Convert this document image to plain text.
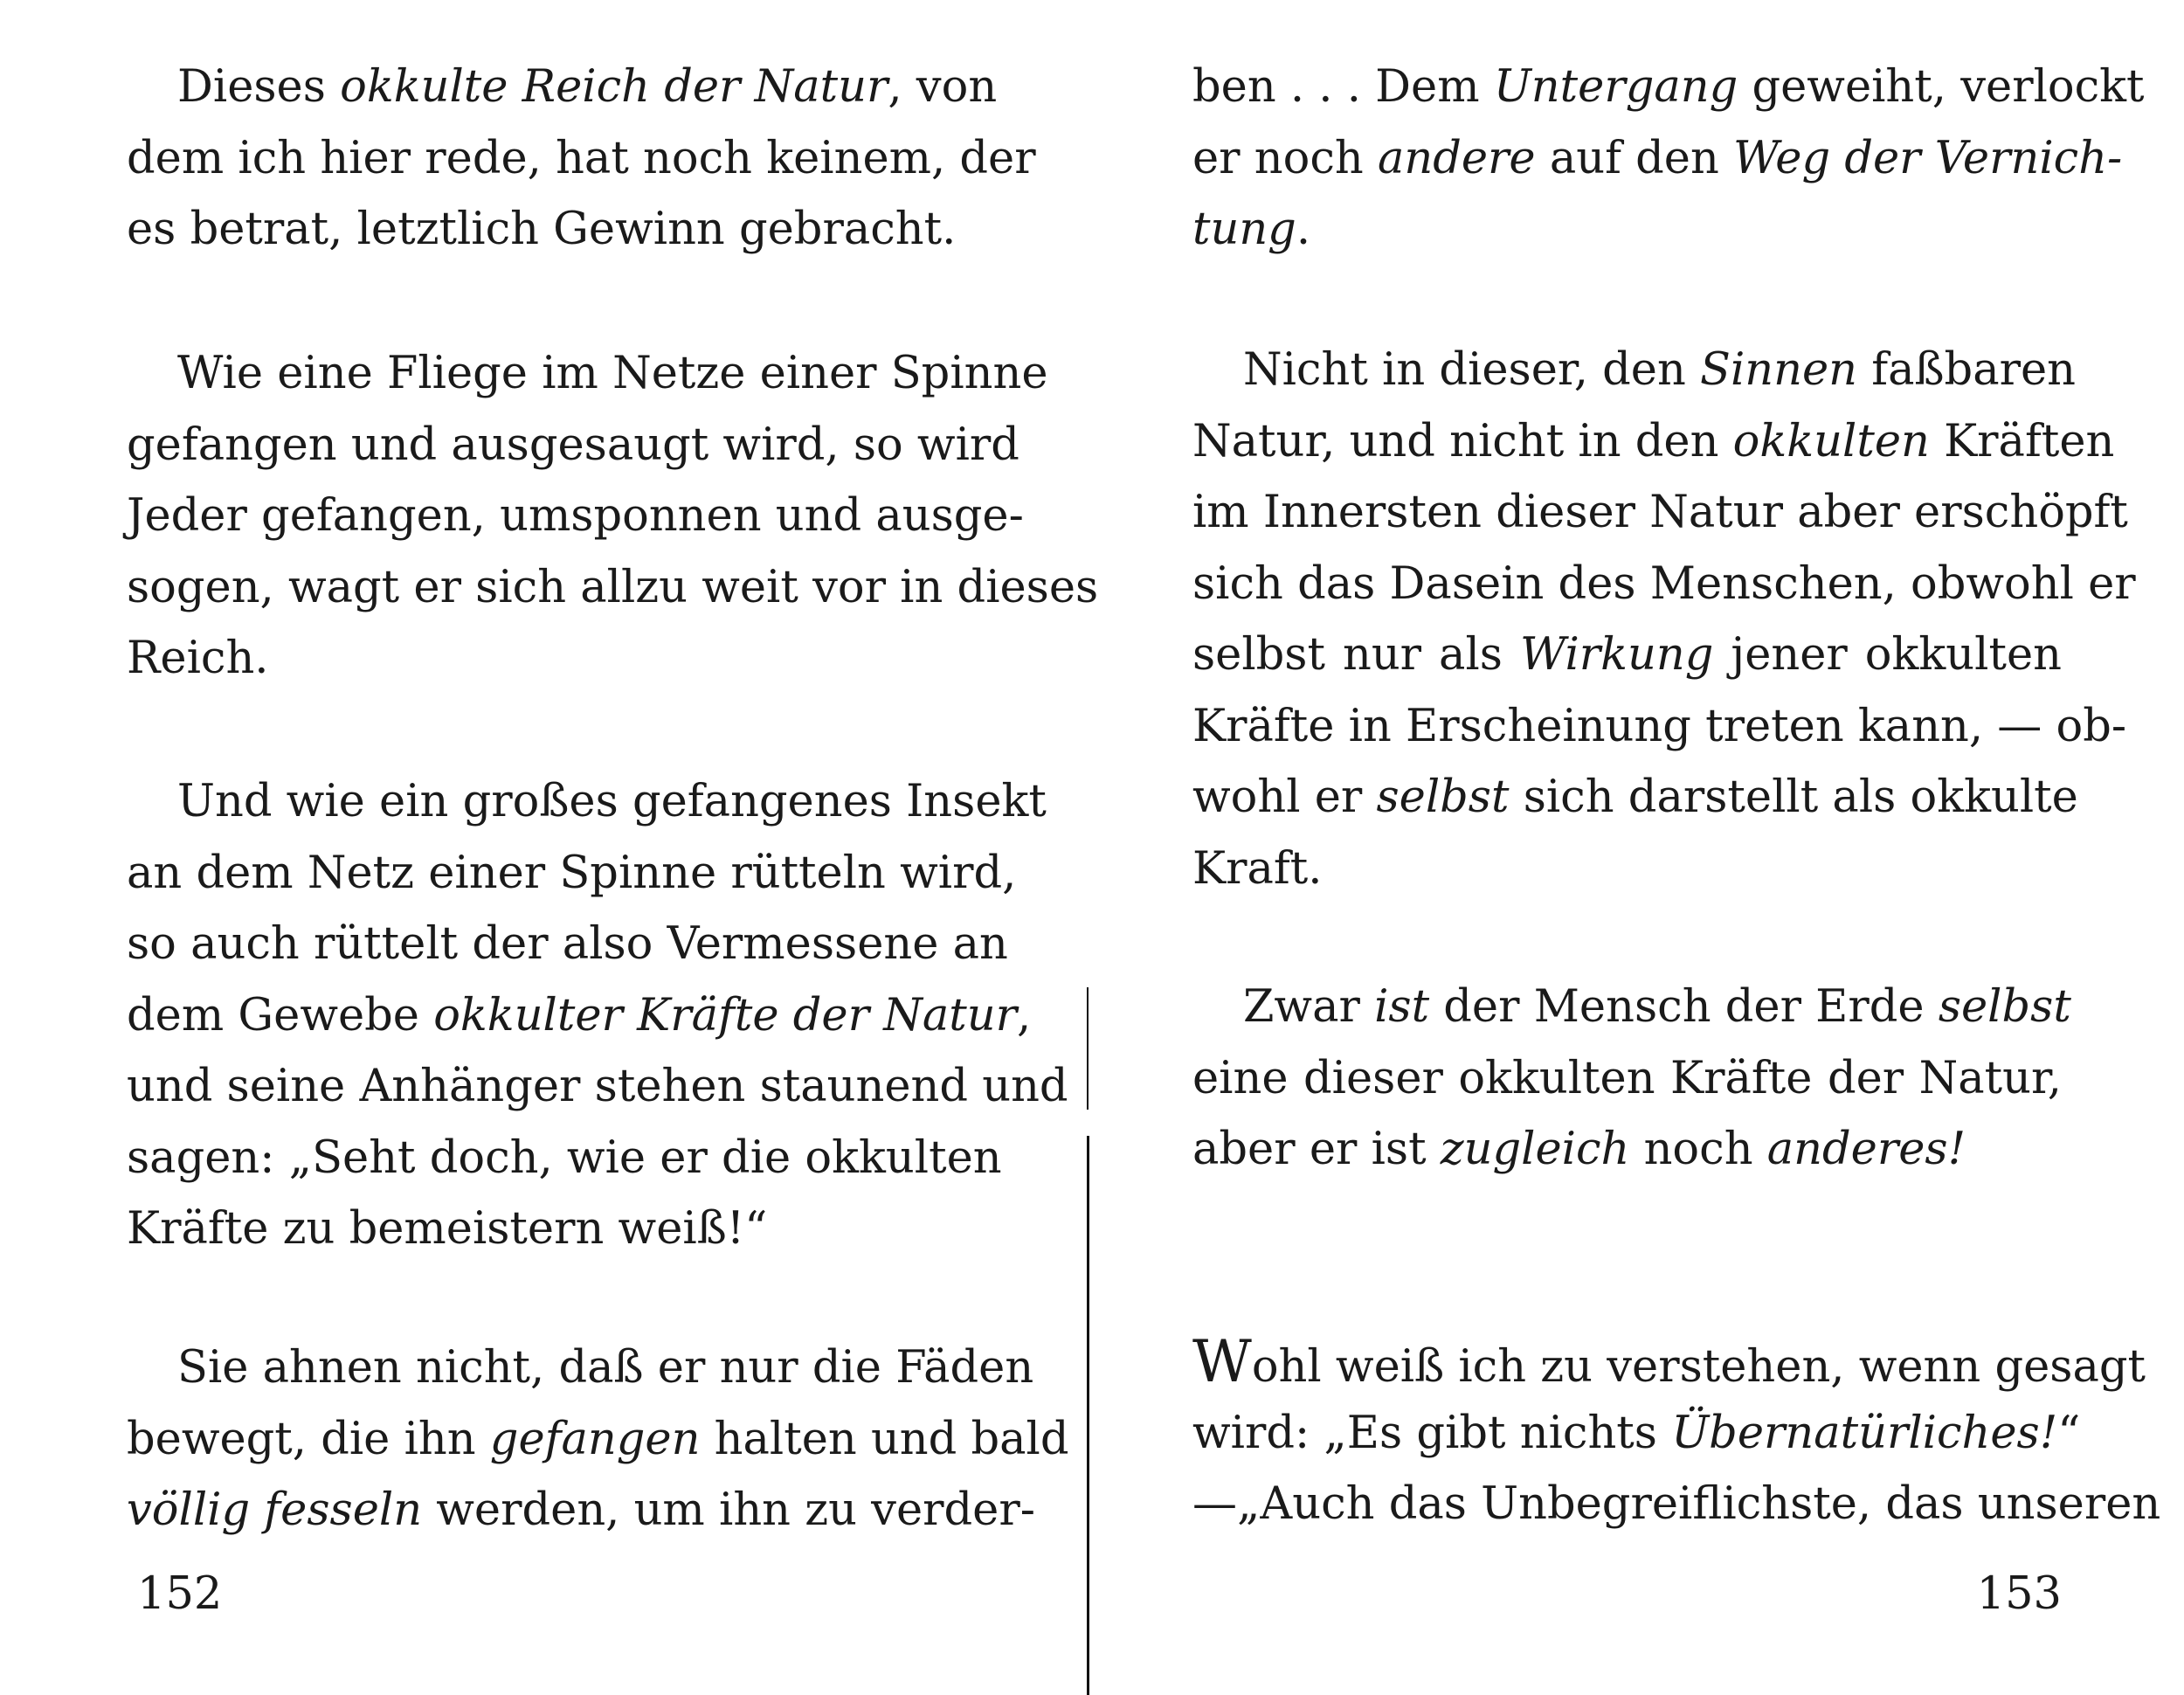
Dieses okkulte Reich der Natur, von
dem ich hier rede, hat noch keinem, der
es betrat, letztlich Gewinn gebracht.
Wie eine Fliege im Netze einer Spinne
gefangen und ausgesaugt wird, so wird
Jeder gefangen, umsponnen und ausge-
sogen, wagt er sich allzu weit vor in dieses
Reich.
Und wie ein großes gefangenes Insekt
an dem Netz einer Spinne rütteln wird,
so auch rüttelt der also Vermessene an
dem Gewebe okkulter Kräfte der Natur,
und seine Anhänger stehen staunend und
sagen: „Seht doch, wie er die okkulten
Kräfte zu bemeistern weiß!“
Sie ahnen nicht, daß er nur die Fäden
bewegt, die ihn gefangen halten und bald
völlig fesseln werden, um ihn zu verder-
152
ben . . . Dem Untergang geweiht, verlockt
er noch andere auf den Weg der Vernich-
tung.
Nicht in dieser, den Sinnen faßbaren
Natur, und nicht in den okkulten Kräften
im Innersten dieser Natur aber erschöpft
sich das Dasein des Menschen, obwohl er
selbst nur als Wirkung jener okkulten
Kräfte in Erscheinung treten kann, — ob-
wohl er selbst sich darstellt als okkulte
Kraft.
Zwar ist der Mensch der Erde selbst
eine dieser okkulten Kräfte der Natur,
aber er ist zugleich noch anderes!
Wohl weiß ich zu verstehen, wenn gesagt
wird: „Es gibt nichts Übernatürliches!“
—„Auch das Unbegreiflichste, das unseren
153
